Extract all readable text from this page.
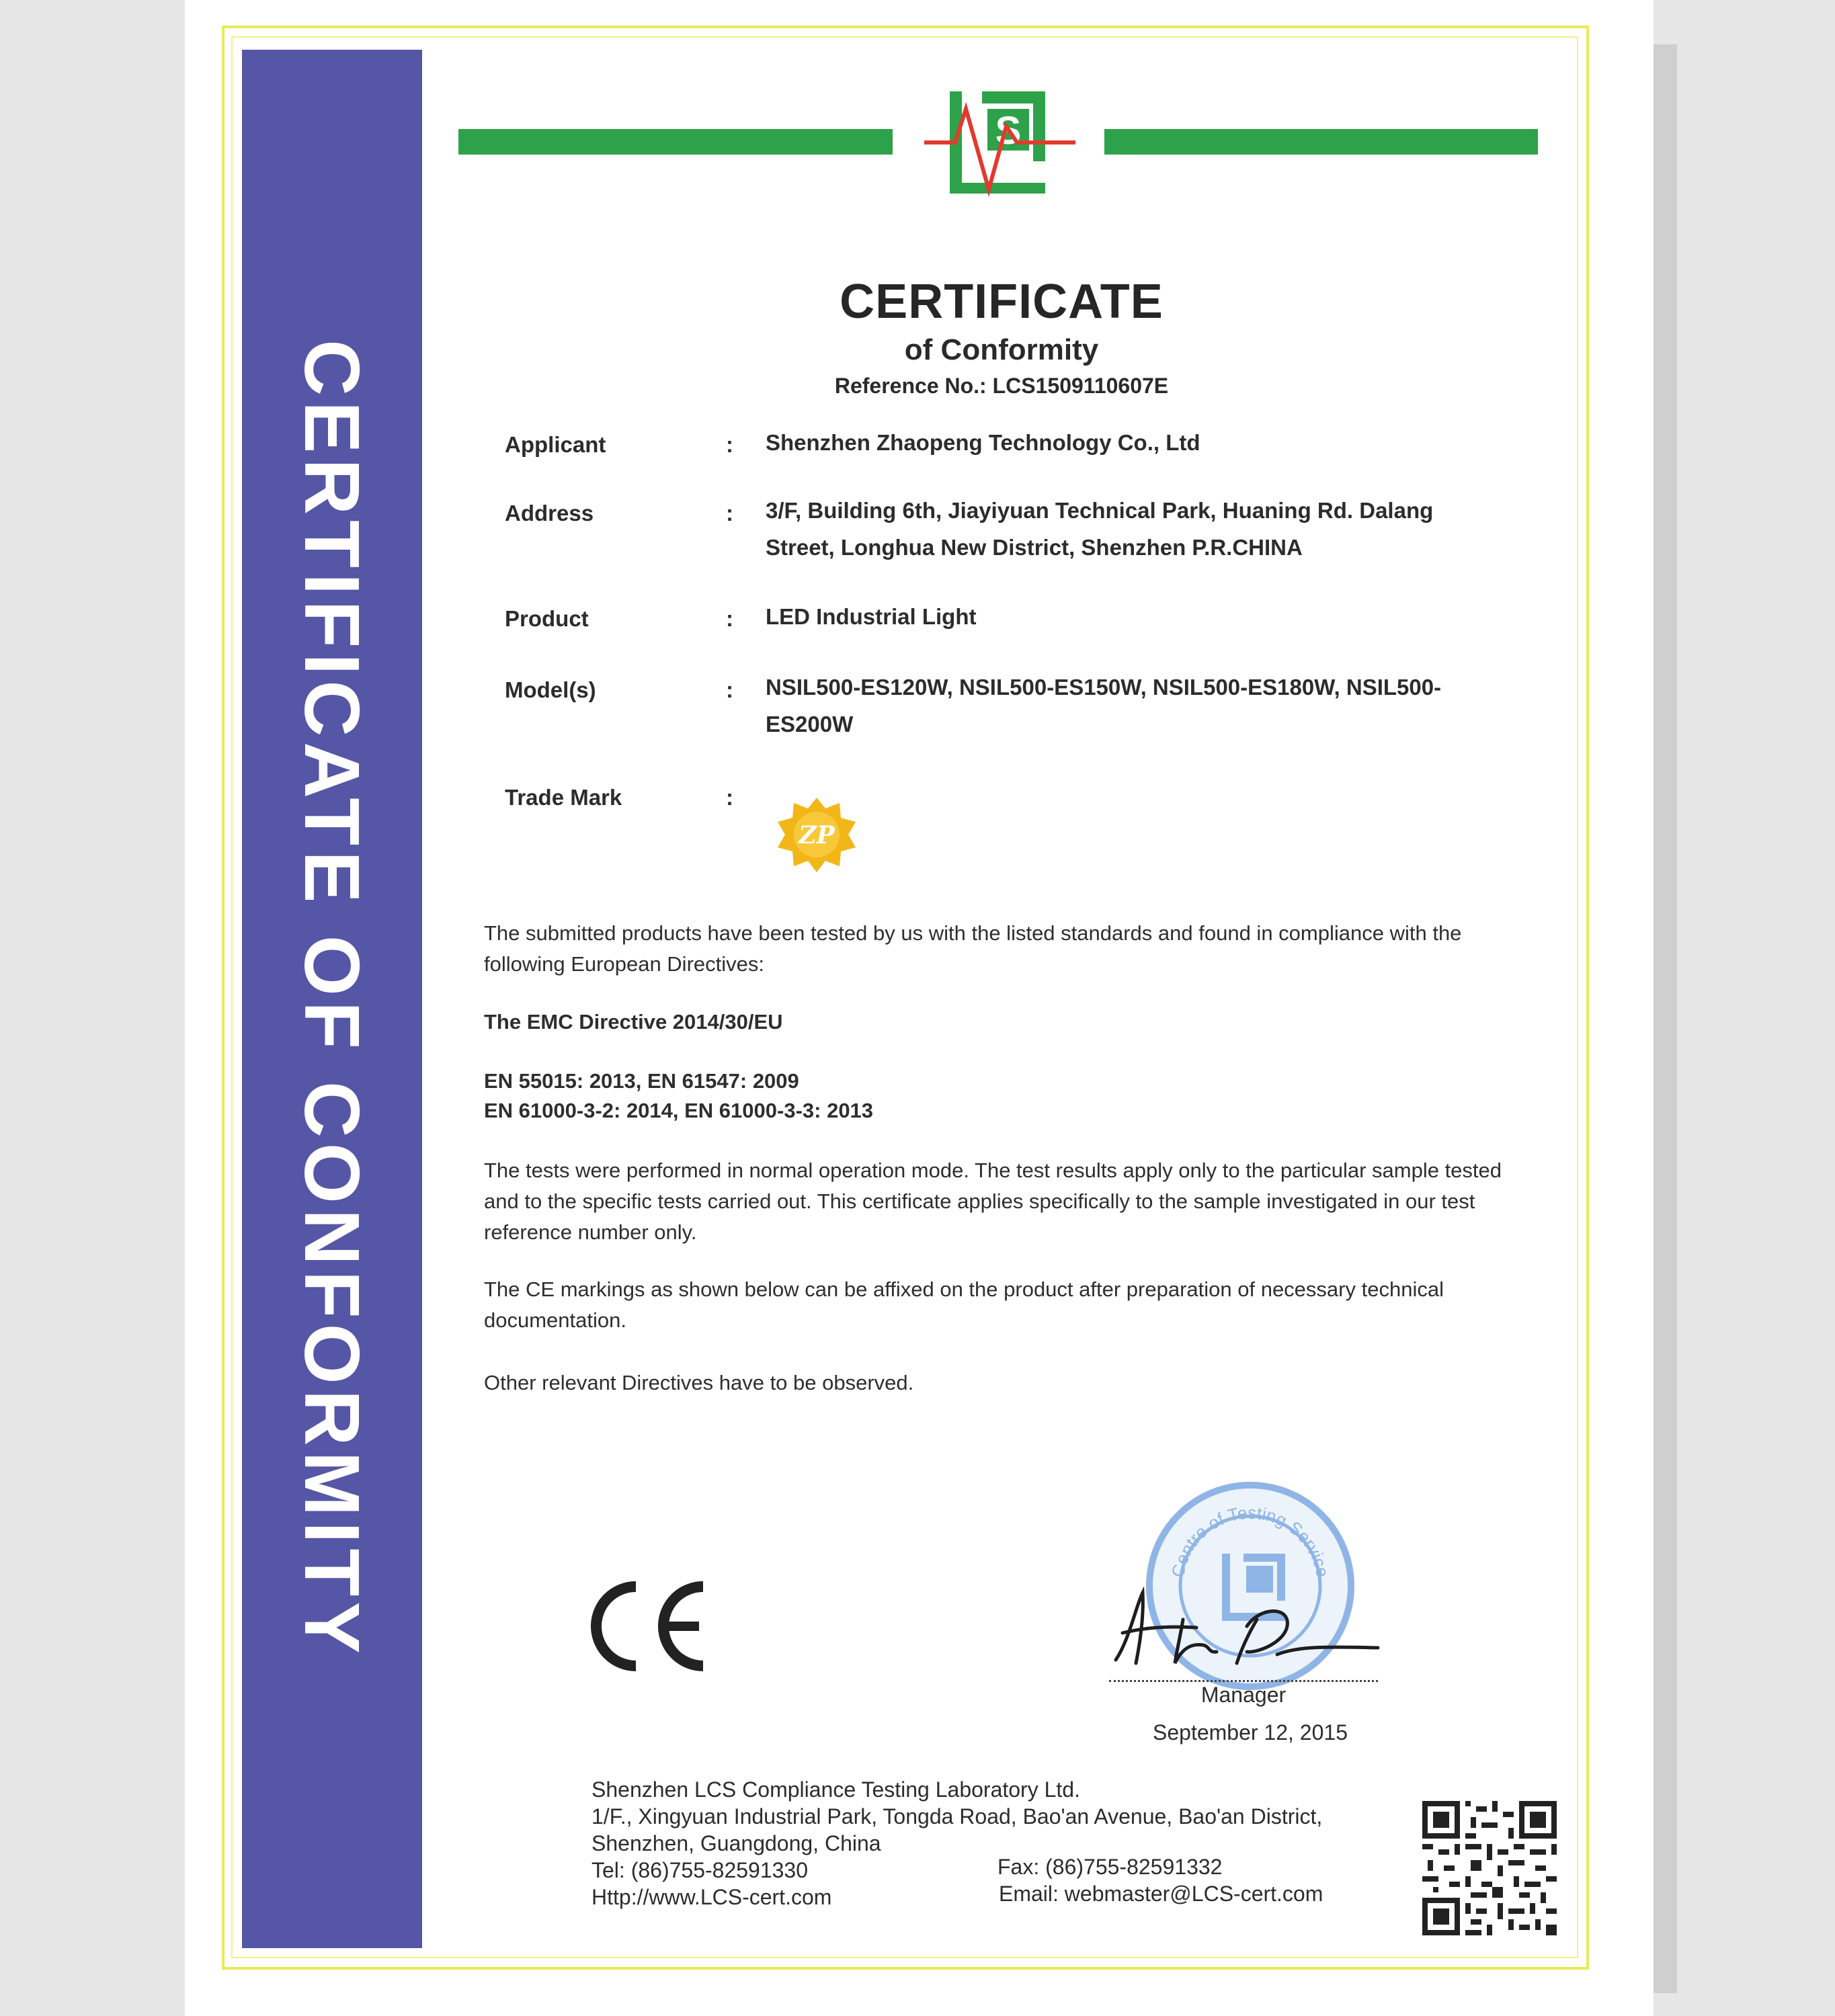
CERTIFICATE OF CONFORMITY
S
CERTIFICATE
of Conformity
Reference No.: LCS1509110607E
Applicant	: Shenzhen Zhaopeng Technology Co., Ltd
Address	: 3/F, Building 6th, Jiayiyuan Technical Park, Huaning Rd. Dalang Street, Longhua New District, Shenzhen P.R.CHINA
Product	: LED Industrial Light
Model(s)	: NSIL500-ES120W, NSIL500-ES150W, NSIL500-ES180W, NSIL500-ES200W
Trade Mark	:
ZP
The submitted products have been tested by us with the listed standards and found in compliance with the following European Directives:
The EMC Directive 2014/30/EU
EN 55015: 2013, EN 61547: 2009
EN 61000-3-2: 2014, EN 61000-3-3: 2013
The tests were performed in normal operation mode. The test results apply only to the particular sample tested and to the specific tests carried out. This certificate applies specifically to the sample investigated in our test reference number only.
The CE markings as shown below can be affixed on the product after preparation of necessary technical documentation.
Other relevant Directives have to be observed.
CE
Centre of Testing Service
Manager
September 12, 2015
Shenzhen LCS Compliance Testing Laboratory Ltd.
1/F., Xingyuan Industrial Park, Tongda Road, Bao'an Avenue, Bao'an District,
Shenzhen, Guangdong, China
Tel: (86)755-82591330
Http://www.LCS-cert.com
Fax: (86)755-82591332
Email: webmaster@LCS-cert.com
